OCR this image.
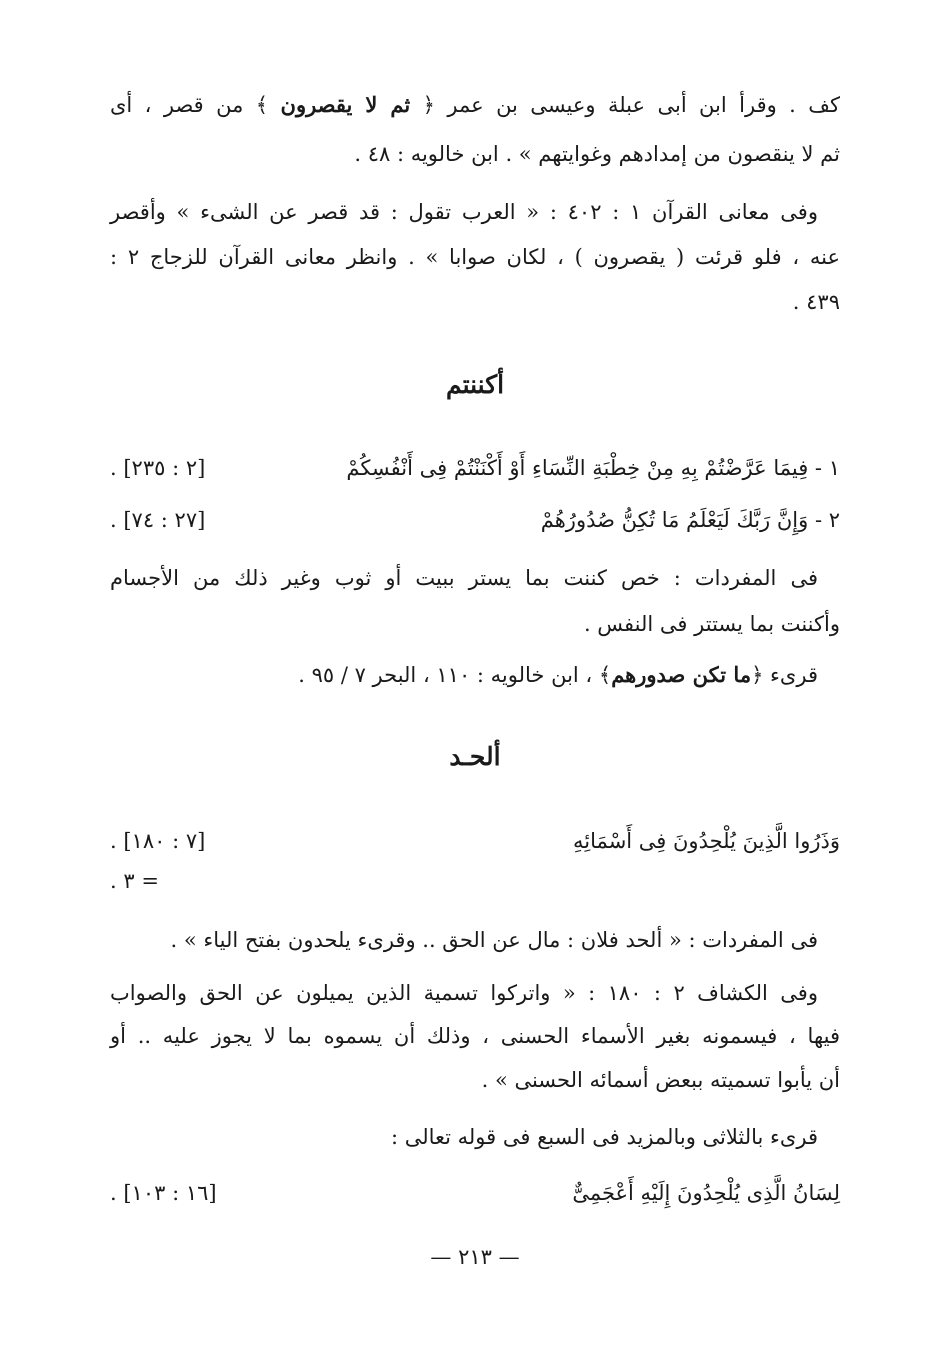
كف . وقرأ ابن أبى عبلة وعيسى بن عمر ﴿ ثم لا يقصرون ﴾ من قصر ، أى
ثم لا ينقصون من إمدادهم وغوايتهم » . ابن خالويه : ٤٨ .
وفى معانى القرآن ١ : ٤٠٢ : « العرب تقول : قد قصر عن الشىء » وأقصر
عنه ، فلو قرئت ( يقصرون ) ، لكان صوابا » . وانظر معانى القرآن للزجاج ٢ :
٤٣٩ .
أكننتم
١ - فِيمَا عَرَّضْتُمْ بِهِ مِنْ خِطْبَةِ النِّسَاءِ أَوْ أَكْنَنْتُمْ فِى أَنْفُسِكُمْ
[٢ : ٢٣٥] .
٢ - وَإِنَّ رَبَّكَ لَيَعْلَمُ مَا تُكِنُّ صُدُورُهُمْ
[٢٧ : ٧٤] .
فى المفردات : خص كننت بما يستر ببيت أو ثوب وغير ذلك من الأجسام
وأكننت بما يستتر فى النفس .
قرىء ﴿ما تكن صدورهم﴾ ، ابن خالويه : ١١٠ ، البحر ٧ / ٩٥ .
ألحـد
وَذَرُوا الَّذِينَ يُلْحِدُونَ فِى أَسْمَائِهِ
[٧ : ١٨٠] .
= ٣ .
فى المفردات : « ألحد فلان : مال عن الحق .. وقرىء يلحدون بفتح الياء » .
وفى الكشاف ٢ : ١٨٠ : « واتركوا تسمية الذين يميلون عن الحق والصواب
فيها ، فيسمونه بغير الأسماء الحسنى ، وذلك أن يسموه بما لا يجوز عليه .. أو
أن يأبوا تسميته ببعض أسمائه الحسنى » .
قرىء بالثلاثى وبالمزيد فى السبع فى قوله تعالى :
لِسَانُ الَّذِى يُلْحِدُونَ إِلَيْهِ أَعْجَمِىٌّ
[١٦ : ١٠٣] .
— ٢١٣ —
